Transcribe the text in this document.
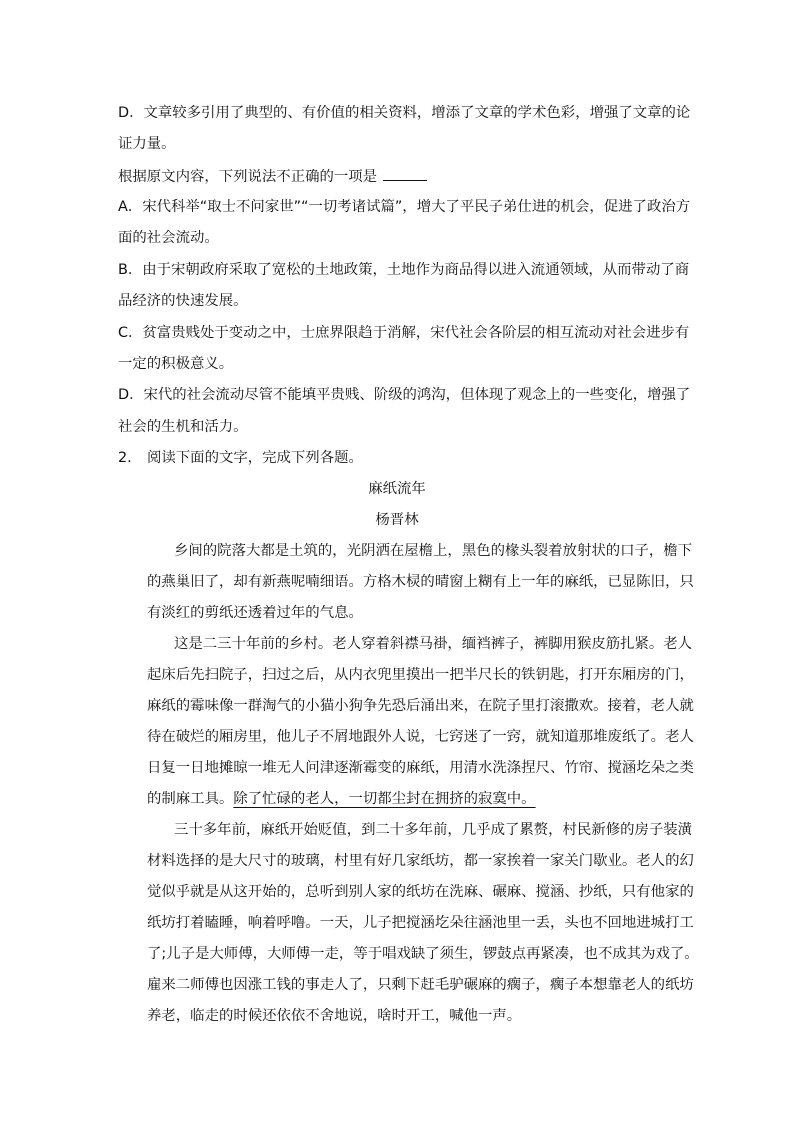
D．文章较多引用了典型的、有价值的相关资料，增添了文章的学术色彩，增强了文章的论
证力量。
根据原文内容，下列说法不正确的一项是
A．宋代科举“取士不问家世”“一切考诸试篇”，增大了平民子弟仕进的机会，促进了政治方
面的社会流动。
B．由于宋朝政府采取了宽松的土地政策，土地作为商品得以进入流通领域，从而带动了商
品经济的快速发展。
C．贫富贵贱处于变动之中，士庶界限趋于消解，宋代社会各阶层的相互流动对社会进步有
一定的积极意义。
D．宋代的社会流动尽管不能填平贵贱、阶级的鸿沟，但体现了观念上的一些变化，增强了
社会的生机和活力。
2.	阅读下面的文字，完成下列各题。
麻纸流年
杨晋林
乡间的院落大都是土筑的，光阴洒在屋檐上，黑色的椽头裂着放射状的口子，檐下
的燕巢旧了，却有新燕呢喃细语。方格木棂的晴窗上糊有上一年的麻纸，已显陈旧，只
有淡红的剪纸还透着过年的气息。
这是二三十年前的乡村。老人穿着斜襟马褂，缅裆裤子，裤脚用猴皮筋扎紧。老人
起床后先扫院子，扫过之后，从内衣兜里摸出一把半尺长的铁钥匙，打开东厢房的门，
麻纸的霉味像一群淘气的小猫小狗争先恐后涌出来，在院子里打滚撒欢。接着，老人就
待在破烂的厢房里，他儿子不屑地跟外人说，七窍迷了一窍，就知道那堆废纸了。老人
日复一日地摊晾一堆无人问津逐渐霉变的麻纸，用清水洗涤捏尺、竹帘、搅涵圪朵之类
的制麻工具。除了忙碌的老人，一切都尘封在拥挤的寂寞中。
三十多年前，麻纸开始贬值，到二十多年前，几乎成了累赘，村民新修的房子装潢
材料选择的是大尺寸的玻璃，村里有好几家纸坊，都一家挨着一家关门歇业。老人的幻
觉似乎就是从这开始的，总听到别人家的纸坊在洗麻、碾麻、搅涵、抄纸，只有他家的
纸坊打着瞌睡，响着呼噜。一天，儿子把搅涵圪朵往涵池里一丢，头也不回地进城打工
了;儿子是大师傅，大师傅一走，等于唱戏缺了须生，锣鼓点再紧凑，也不成其为戏了。
雇来二师傅也因涨工钱的事走人了，只剩下赶毛驴碾麻的瘸子，瘸子本想靠老人的纸坊
养老，临走的时候还依依不舍地说，啥时开工，喊他一声。
